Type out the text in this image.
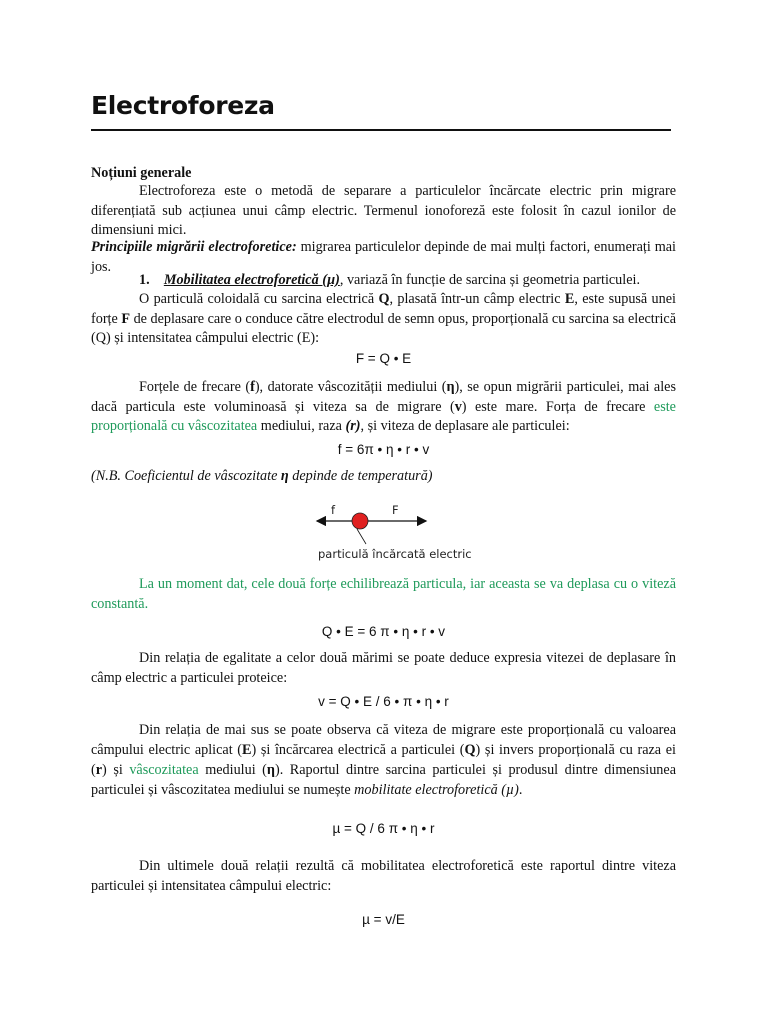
Electroforeza
Noțiuni generale
Electroforeza este o metodă de separare a particulelor încărcate electric prin migrare diferențiată sub acțiunea unui câmp electric. Termenul ionoforeză este folosit în cazul ionilor de dimensiuni mici.
Principiile migrării electroforetice: migrarea particulelor depinde de mai mulți factori, enumerați mai jos.
1. Mobilitatea electroforetică (µ), variază în funcție de sarcina și geometria particulei.
O particulă coloidală cu sarcina electrică Q, plasată într-un câmp electric E, este supusă unei forțe F de deplasare care o conduce către electrodul de semn opus, proporțională cu sarcina sa electrică (Q) și intensitatea câmpului electric (E):
F = Q • E
Forțele de frecare (f), datorate vâscozității mediului (η), se opun migrării particulei, mai ales dacă particula este voluminoasă și viteza sa de migrare (v) este mare. Forța de frecare este proporțională cu vâscozitatea mediului, raza (r), și viteza de deplasare ale particulei:
f = 6π • η • r • v
(N.B. Coeficientul de vâscozitate η depinde de temperatură)
f	F
particulă încărcată electric
La un moment dat, cele două forțe echilibrează particula, iar aceasta se va deplasa cu o viteză constantă.
Q • E = 6 π • η • r • v
Din relația de egalitate a celor două mărimi se poate deduce expresia vitezei de deplasare în câmp electric a particulei proteice:
v = Q • E / 6 • π • η • r
Din relația de mai sus se poate observa că viteza de migrare este proporțională cu valoarea câmpului electric aplicat (E) și încărcarea electrică a particulei (Q) și invers proporțională cu raza ei (r) și vâscozitatea mediului (η). Raportul dintre sarcina particulei și produsul dintre dimensiunea particulei și vâscozitatea mediului se numește mobilitate electroforetică (µ).
µ = Q / 6 π • η • r
Din ultimele două relații rezultă că mobilitatea electroforetică este raportul dintre viteza particulei și intensitatea câmpului electric:
µ = v/E
